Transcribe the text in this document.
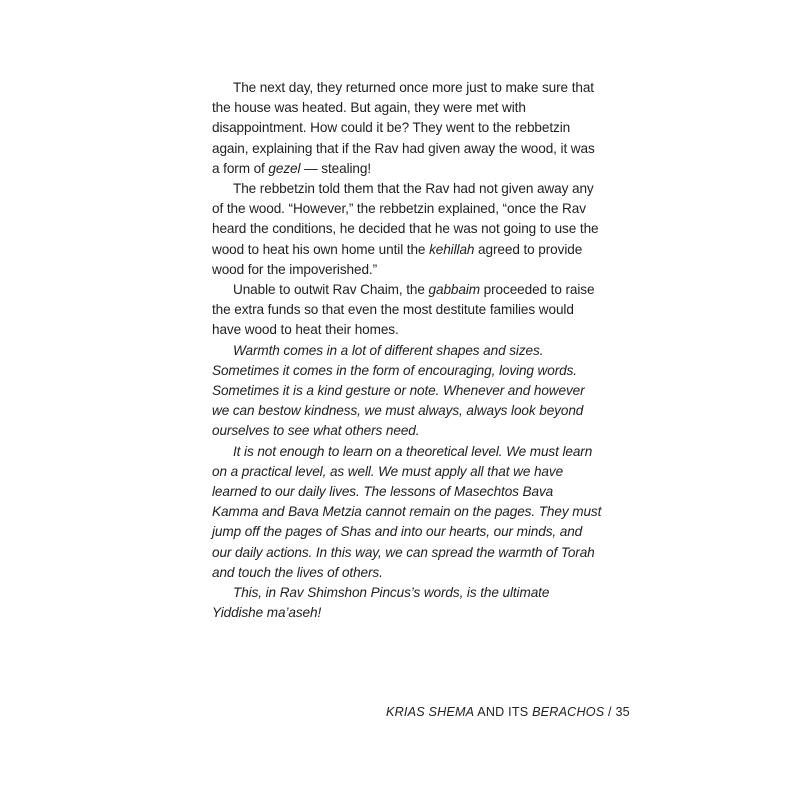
The next day, they returned once more just to make sure that the house was heated. But again, they were met with disappointment. How could it be? They went to the rebbetzin again, explaining that if the Rav had given away the wood, it was a form of gezel — stealing!

The rebbetzin told them that the Rav had not given away any of the wood. “However,” the rebbetzin explained, “once the Rav heard the conditions, he decided that he was not going to use the wood to heat his own home until the kehillah agreed to provide wood for the impoverished.”

Unable to outwit Rav Chaim, the gabbaim proceeded to raise the extra funds so that even the most destitute families would have wood to heat their homes.

Warmth comes in a lot of different shapes and sizes. Sometimes it comes in the form of encouraging, loving words. Sometimes it is a kind gesture or note. Whenever and however we can bestow kindness, we must always, always look beyond ourselves to see what others need.

It is not enough to learn on a theoretical level. We must learn on a practical level, as well. We must apply all that we have learned to our daily lives. The lessons of Masechtos Bava Kamma and Bava Metzia cannot remain on the pages. They must jump off the pages of Shas and into our hearts, our minds, and our daily actions. In this way, we can spread the warmth of Torah and touch the lives of others.

This, in Rav Shimshon Pincus’s words, is the ultimate Yiddishe ma’aseh!

KRIAS SHEMA AND ITS BERACHOS / 35
